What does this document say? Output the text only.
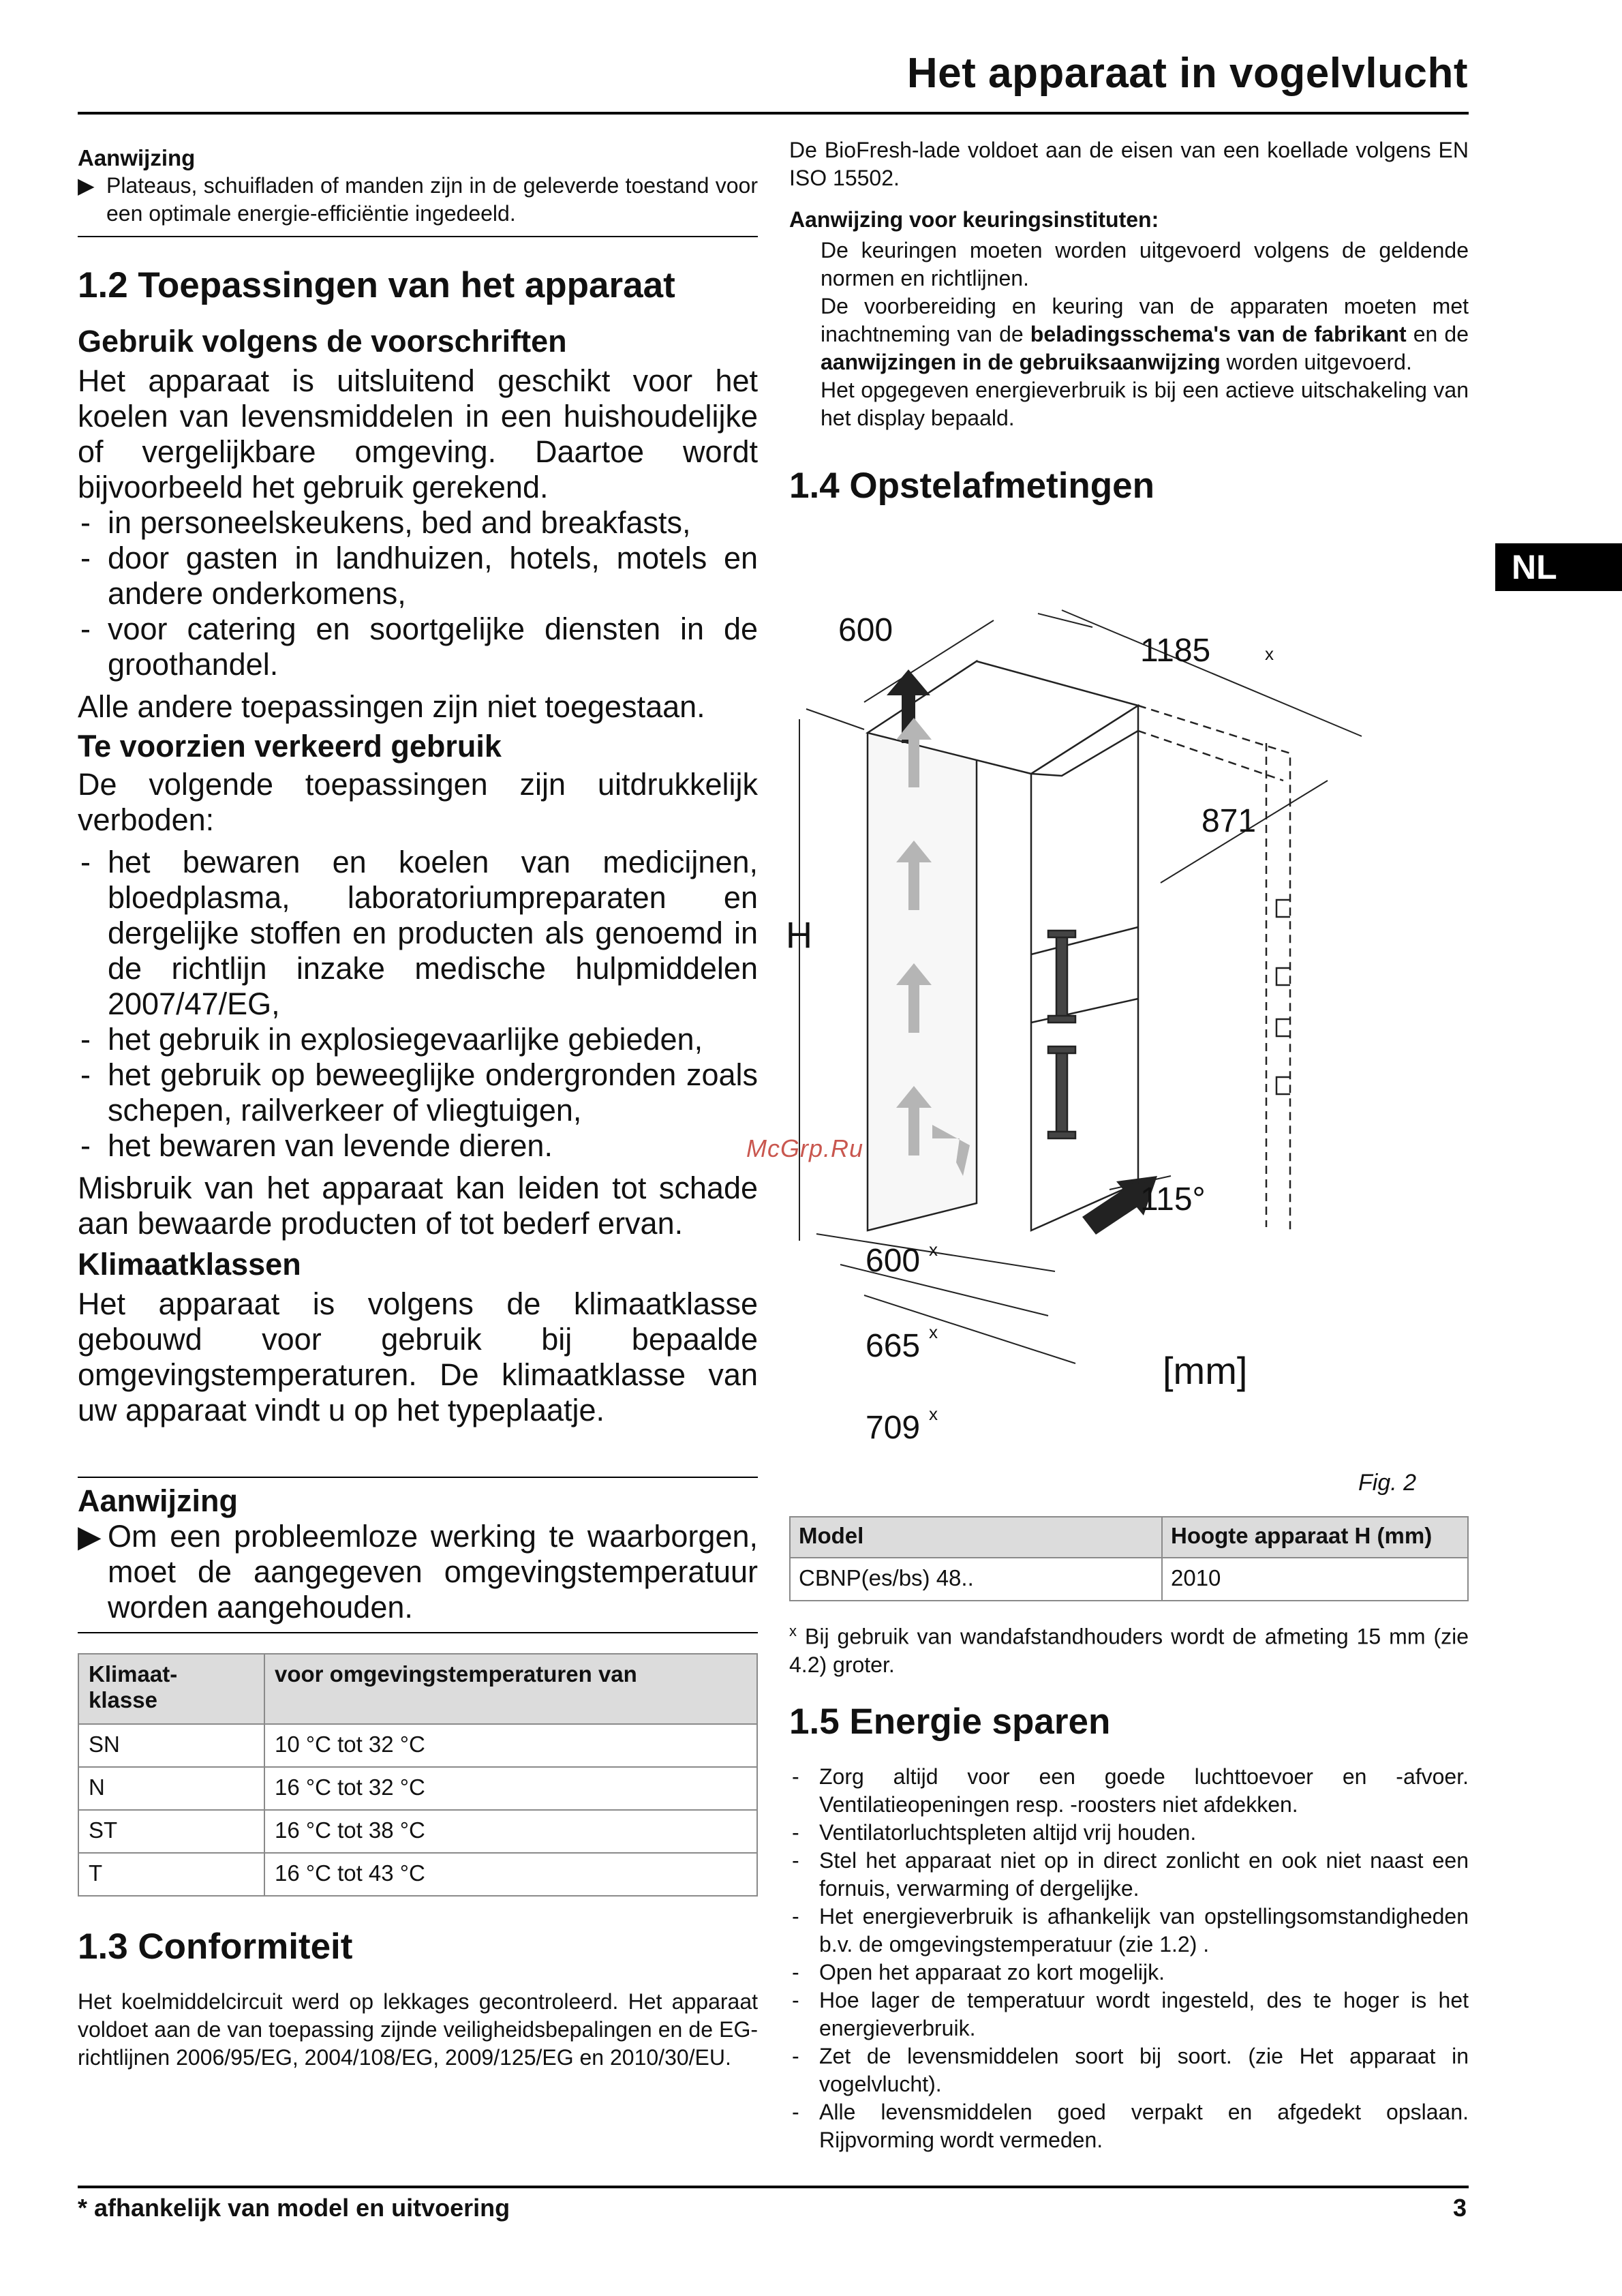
Het apparaat in vogelvlucht
NL
Aanwijzing
▶ Plateaus, schuifladen of manden zijn in de geleverde toestand voor een optimale energie-efficiëntie ingedeeld.
1.2 Toepassingen van het apparaat
Gebruik volgens de voorschriften
Het apparaat is uitsluitend geschikt voor het koelen van levensmiddelen in een huishoudelijke of vergelijkbare omgeving. Daartoe wordt bijvoorbeeld het gebruik gerekend.
- in personeelskeukens, bed and breakfasts,
- door gasten in landhuizen, hotels, motels en andere onderkomens,
- voor catering en soortgelijke diensten in de groothandel.
Alle andere toepassingen zijn niet toegestaan.
Te voorzien verkeerd gebruik
De volgende toepassingen zijn uitdrukkelijk verboden:
- het bewaren en koelen van medicijnen, bloedplasma, laboratoriumpreparaten en dergelijke stoffen en producten als genoemd in de richtlijn inzake medische hulpmiddelen 2007/47/EG,
- het gebruik in explosiegevaarlijke gebieden,
- het gebruik op beweeglijke ondergronden zoals schepen, railverkeer of vliegtuigen,
- het bewaren van levende dieren.
Misbruik van het apparaat kan leiden tot schade aan bewaarde producten of tot bederf ervan.
Klimaatklassen
Het apparaat is volgens de klimaatklasse gebouwd voor gebruik bij bepaalde omgevingstemperaturen. De klimaatklasse van uw apparaat vindt u op het typeplaatje.
Aanwijzing
▶ Om een probleemloze werking te waarborgen, moet de aangegeven omgevingstemperatuur worden aangehouden.
Klimaat-
klasse	voor omgevingstemperaturen van
SN	10 °C tot 32 °C
N	16 °C tot 32 °C
ST	16 °C tot 38 °C
T	16 °C tot 43 °C
1.3 Conformiteit
Het koelmiddelcircuit werd op lekkages gecontroleerd. Het apparaat voldoet aan de van toepassing zijnde veiligheidsbepalingen en de EG-richtlijnen 2006/95/EG, 2004/108/EG, 2009/125/EG en 2010/30/EU.
De BioFresh-lade voldoet aan de eisen van een koellade volgens EN ISO 15502.
Aanwijzing voor keuringsinstituten:
De keuringen moeten worden uitgevoerd volgens de geldende normen en richtlijnen.
De voorbereiding en keuring van de apparaten moeten met inachtneming van de beladingsschema's van de fabrikant en de aanwijzingen in de gebruiksaanwijzing worden uitgevoerd.
Het opgegeven energieverbruik is bij een actieve uitschakeling van het display bepaald.
1.4 Opstelafmetingen
600
1185	x
871
H
115°
600 x
665 x
709 x
[mm]
McGrp.Ru
Fig. 2
Model	Hoogte apparaat H (mm)
CBNP(es/bs) 48..	2010
$^x$ Bij gebruik van wandafstandhouders wordt de afmeting 15 mm (zie 4.2) groter.
1.5 Energie sparen
- Zorg altijd voor een goede luchttoevoer en -afvoer. Ventilatieopeningen resp. -roosters niet afdekken.
- Ventilatorluchtspleten altijd vrij houden.
- Stel het apparaat niet op in direct zonlicht en ook niet naast een fornuis, verwarming of dergelijke.
- Het energieverbruik is afhankelijk van opstellingsomstandigheden b.v. de omgevingstemperatuur (zie 1.2) .
- Open het apparaat zo kort mogelijk.
- Hoe lager de temperatuur wordt ingesteld, des te hoger is het energieverbruik.
- Zet de levensmiddelen soort bij soort. (zie Het apparaat in vogelvlucht).
- Alle levensmiddelen goed verpakt en afgedekt opslaan. Rijpvorming wordt vermeden.
* afhankelijk van model en uitvoering	3
